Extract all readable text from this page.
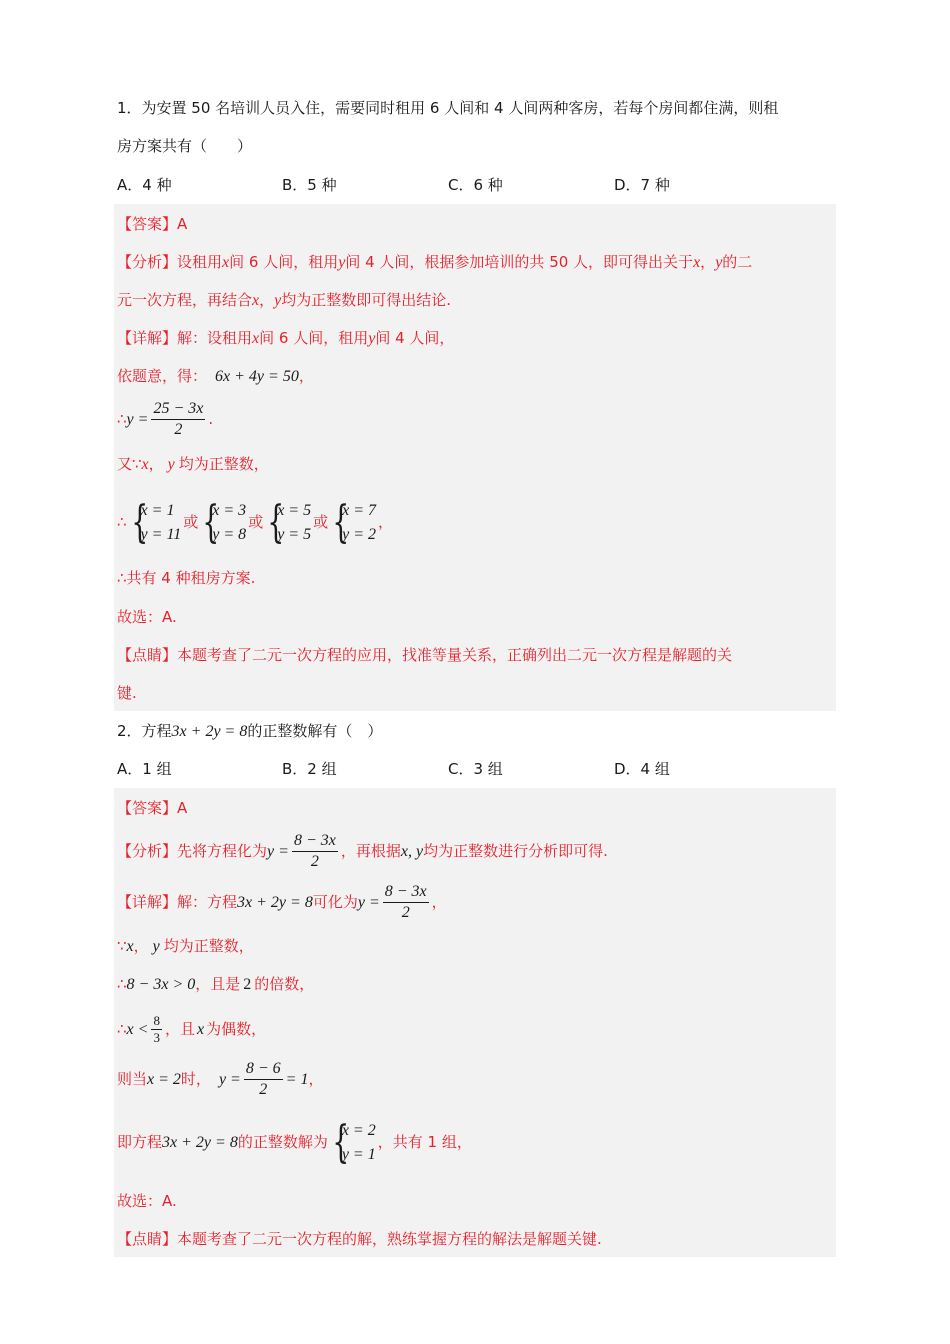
1．为安置 50 名培训人员入住，需要同时租用 6 人间和 4 人间两种客房，若每个房间都住满，则租
房方案共有（　　）
A．4 种	B．5 种	C．6 种	D．7 种
【答案】A
【分析】设租用x间 6 人间，租用y间 4 人间，根据参加培训的共 50 人，即可得出关于x，y的二
元一次方程，再结合x，y均为正整数即可得出结论.
【详解】解：设租用x间 6 人间，租用y间 4 人间，
依题意，得： 6x + 4y = 50，
∴y = $\frac{25 - 3x}{2}$ .
又∵x， y 均为正整数，
∴ {
x = 1
y = 11
或 {
x = 3
y = 8
或 {
x = 5
y = 5
或 {
x = 7
y = 2
，
∴共有 4 种租房方案.
故选：A.
【点睛】本题考查了二元一次方程的应用，找准等量关系，正确列出二元一次方程是解题的关
键.
2．方程3x + 2y = 8的正整数解有（　）
A．1 组	B．2 组	C．3 组	D．4 组
【答案】A
【分析】先将方程化为$y = \frac{8 - 3x}{2}$ ，再根据x, y均为正整数进行分析即可得.
【详解】解：方程3x + 2y = 8可化为$y = \frac{8 - 3x}{2}$ ，
∵x， y 均为正整数，
∴8 − 3x > 0，且是 2 的倍数，
∴x < $\frac{8}{3}$ ，且 x 为偶数，
则当x = 2时， $y = \frac{8 - 6}{2} = 1$，
即方程3x + 2y = 8的正整数解为 {
x = 2
y = 1
，共有 1 组，
故选：A.
【点睛】本题考查了二元一次方程的解，熟练掌握方程的解法是解题关键.
